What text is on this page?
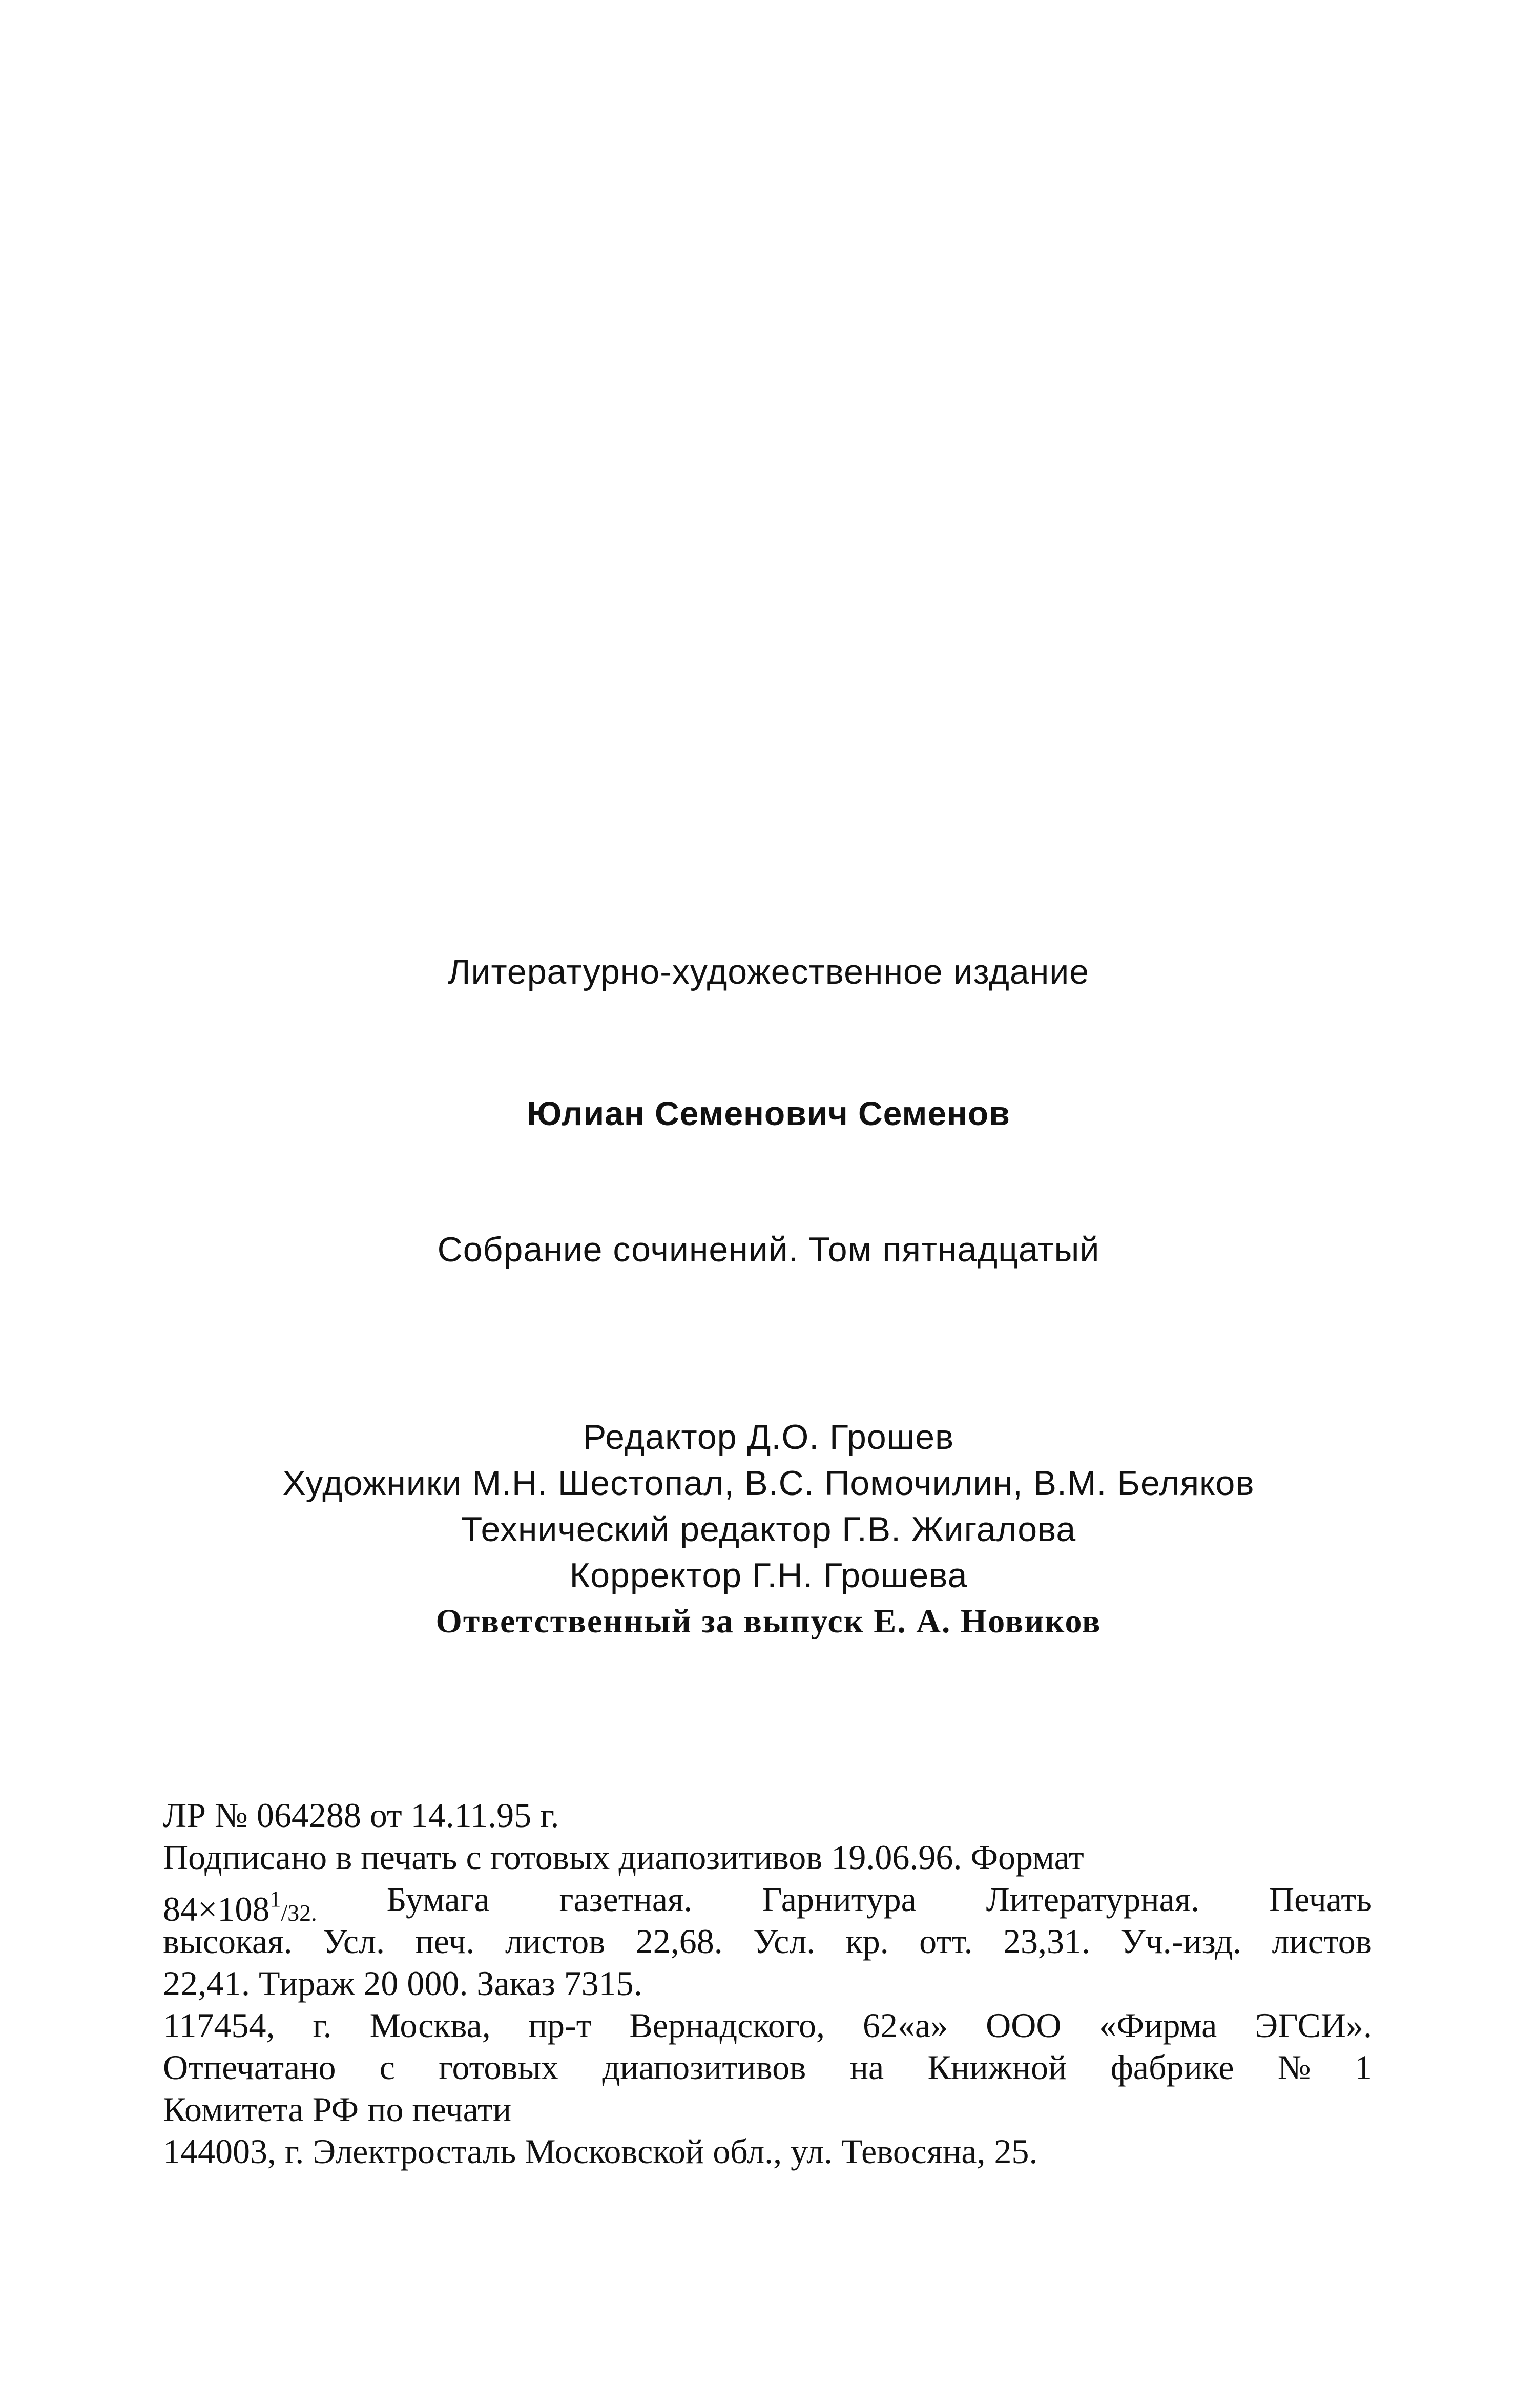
Литературно-художественное издание

Юлиан Семенович Семенов

Собрание сочинений. Том пятнадцатый

Редактор Д.О. Грошев
Художники М.Н. Шестопал, В.С. Помочилин, В.М. Беляков
Технический редактор Г.В. Жигалова
Корректор Г.Н. Грошева
Ответственный за выпуск Е. А. Новиков
ЛР № 064288 от 14.11.95 г.
Подписано в печать с готовых диапозитивов 19.06.96. Формат
84×1081/32. Бумага газетная. Гарнитура Литературная. Печать
высокая. Усл. печ. листов 22,68. Усл. кр. отт. 23,31. Уч.-изд. листов
22,41. Тираж 20 000. Заказ 7315.
117454, г. Москва, пр-т Вернадского, 62«а» ООО «Фирма ЭГСИ».
Отпечатано с готовых диапозитивов на Книжной фабрике № 1
Комитета РФ по печати
144003, г. Электросталь Московской обл., ул. Тевосяна, 25.
